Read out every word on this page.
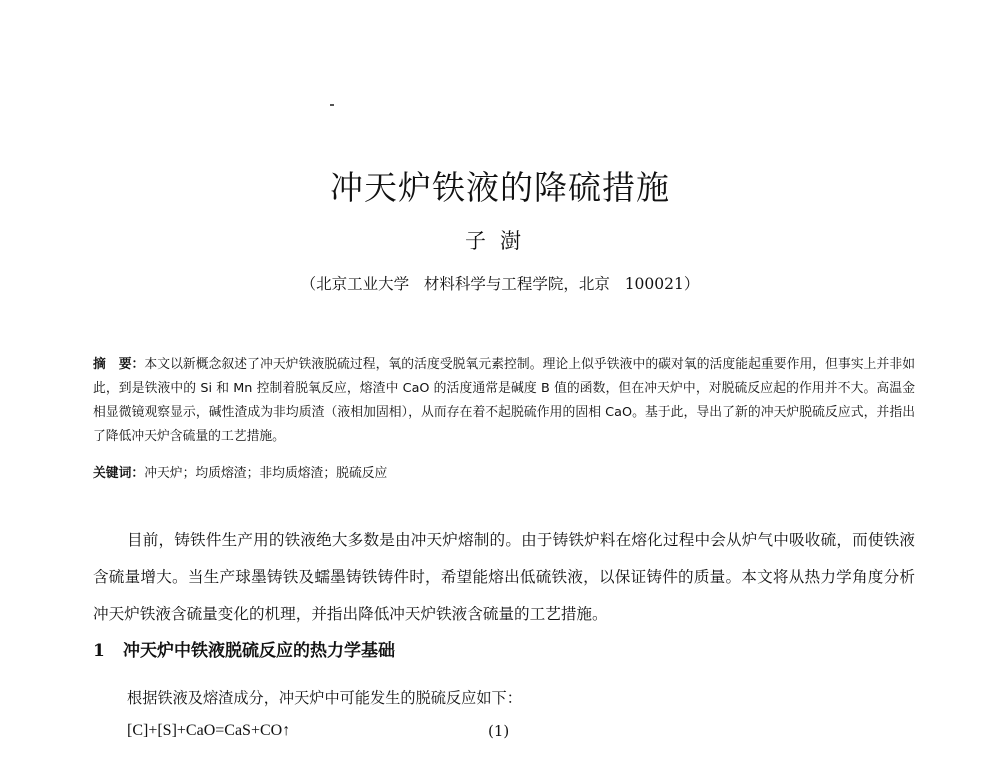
冲天炉铁液的降硫措施
子澍
（北京工业大学   材料科学与工程学院，北京   100021）
摘　要：本文以新概念叙述了冲天炉铁液脱硫过程，氧的活度受脱氧元素控制。理论上似乎铁液中的碳对氧的活度能起重要作用，但事实上并非如此，到是铁液中的 Si 和 Mn 控制着脱氧反应，熔渣中 CaO 的活度通常是碱度 B 值的函数，但在冲天炉中，对脱硫反应起的作用并不大。高温金相显微镜观察显示，碱性渣成为非均质渣（液相加固相），从而存在着不起脱硫作用的固相 CaO。基于此，导出了新的冲天炉脱硫反应式，并指出了降低冲天炉含硫量的工艺措施。
关键词：冲天炉；均质熔渣；非均质熔渣；脱硫反应
目前，铸铁件生产用的铁液绝大多数是由冲天炉熔制的。由于铸铁炉料在熔化过程中会从炉气中吸收硫，而使铁液含硫量增大。当生产球墨铸铁及蠕墨铸铁铸件时，希望能熔出低硫铁液，以保证铸件的质量。本文将从热力学角度分析冲天炉铁液含硫量变化的机理，并指出降低冲天炉铁液含硫量的工艺措施。
1 冲天炉中铁液脱硫反应的热力学基础
根据铁液及熔渣成分，冲天炉中可能发生的脱硫反应如下：
[C]+[S]+CaO=CaS+CO↑	(1)
